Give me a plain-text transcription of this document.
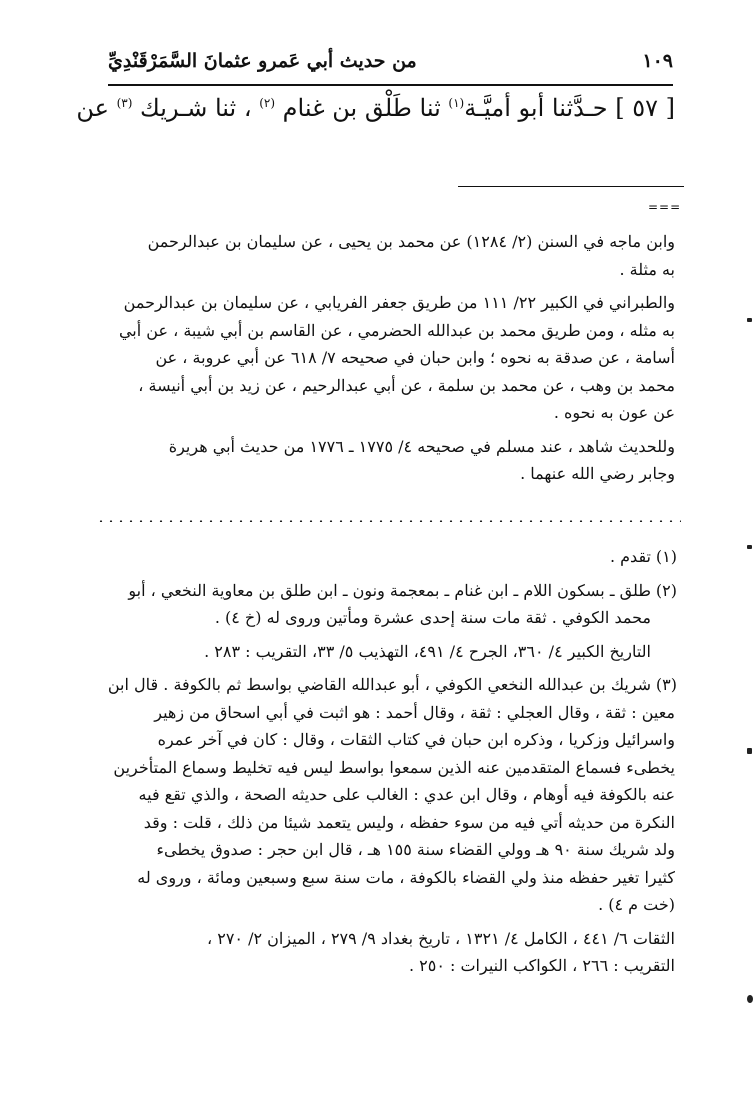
١٠٩
من حديث أبي عَمرو عثمانَ السَّمَرْقَنْدِيِّ
[ ٥٧ ] حـدَّثنا أبو أميَّـة$^{(١)}$ ثنا طَلْق بن غنام $^{(٢)}$ ، ثنا شـريك $^{(٣)}$ عن
===
وابن ماجه في السنن (٢/ ١٢٨٤) عن محمد بن يحيى ، عن سليمان بن عبدالرحمن
به مثلة .
والطبراني في الكبير ٢٢/ ١١١ من طريق جعفر الفريابي ، عن سليمان بن عبدالرحمن
به مثله ، ومن طريق محمد بن عبدالله الحضرمي ، عن القاسم بن أبي شيبة ، عن أبي
أسامة ، عن صدقة به نحوه ؛ وابن حبان في صحيحه ٧/ ٦١٨ عن أبي عروبة ، عن
محمد بن وهب ، عن محمد بن سلمة ، عن أبي عبدالرحيم ، عن زيد بن أبي أنيسة ،
عن عون به نحوه .
وللحديث شاهد ، عند مسلم في صحيحه ٤/ ١٧٧٥ ـ ١٧٧٦ من حديث أبي هريرة
وجابر رضي الله عنهما .
(١)
تقدم .
(٢)
طلق ـ بسكون اللام ـ ابن غنام ـ بمعجمة ونون ـ ابن طلق بن معاوية النخعي ، أبو
محمد الكوفي . ثقة مات سنة إحدى عشرة ومأتين وروى له (خ ٤) .
التاريخ الكبير ٤/ ٣٦٠، الجرح ٤/ ٤٩١، التهذيب ٥/ ٣٣، التقريب : ٢٨٣ .
(٣)
شريك بن عبدالله النخعي الكوفي ، أبو عبدالله القاضي بواسط ثم بالكوفة . قال ابن
معين : ثقة ، وقال العجلي : ثقة ، وقال أحمد : هو اثبت في أبي اسحاق من زهير
واسرائيل وزكريا ، وذكره ابن حبان في كتاب الثقات ، وقال : كان في آخر عمره
يخطىء فسماع المتقدمين عنه الذين سمعوا بواسط ليس فيه تخليط وسماع المتأخرين
عنه بالكوفة فيه أوهام ، وقال ابن عدي : الغالب على حديثه الصحة ، والذي تقع فيه
النكرة من حديثه أتي فيه من سوء حفظه ، وليس يتعمد شيئا من ذلك ، قلت : وقد
ولد شريك سنة ٩٠ هـ وولي القضاء سنة ١٥٥ هـ ، قال ابن حجر : صدوق يخطىء
كثيرا تغير حفظه منذ ولي القضاء بالكوفة ، مات سنة سبع وسبعين ومائة ، وروى له
(خت م ٤) .
الثقات ٦/ ٤٤١ ، الكامل ٤/ ١٣٢١ ، تاريخ بغداد ٩/ ٢٧٩ ، الميزان ٢/ ٢٧٠ ،
التقريب : ٢٦٦ ، الكواكب النيرات : ٢٥٠ .
